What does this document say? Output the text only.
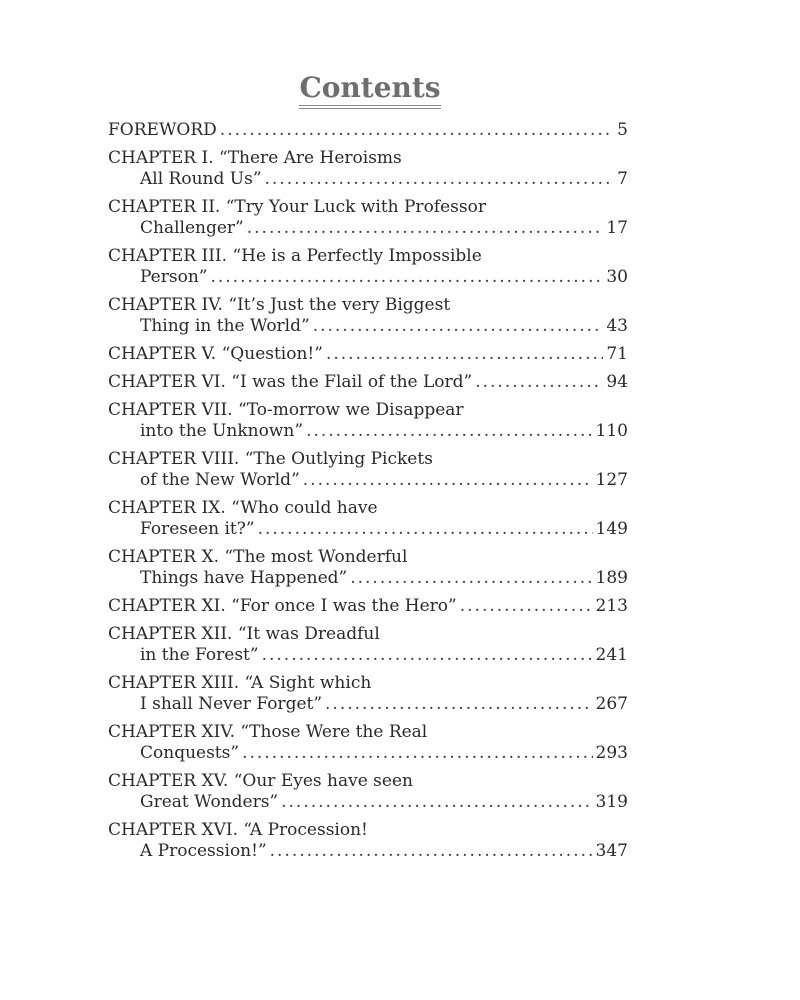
Contents
FOREWORD .....	5
CHAPTER I. “There Are Heroisms
All Round Us” .....	7
CHAPTER II. “Try Your Luck with Professor
Challenger” .....	17
CHAPTER III. “He is a Perfectly Impossible
Person” .....	30
CHAPTER IV. “It’s Just the very Biggest
Thing in the World” .....	43
CHAPTER V. “Question!” .....	71
CHAPTER VI. “I was the Flail of the Lord” .....	94
CHAPTER VII. “To-morrow we Disappear
into the Unknown” .....	110
CHAPTER VIII. “The Outlying Pickets
of the New World” .....	127
CHAPTER IX. “Who could have
Foreseen it?” .....	149
CHAPTER X. “The most Wonderful
Things have Happened” .....	189
CHAPTER XI. “For once I was the Hero” .....	213
CHAPTER XII. “It was Dreadful
in the Forest” .....	241
CHAPTER XIII. “A Sight which
I shall Never Forget” .....	267
CHAPTER XIV. “Those Were the Real
Conquests” .....	293
CHAPTER XV. “Our Eyes have seen
Great Wonders” .....	319
CHAPTER XVI. “A Procession!
A Procession!” .....	347
